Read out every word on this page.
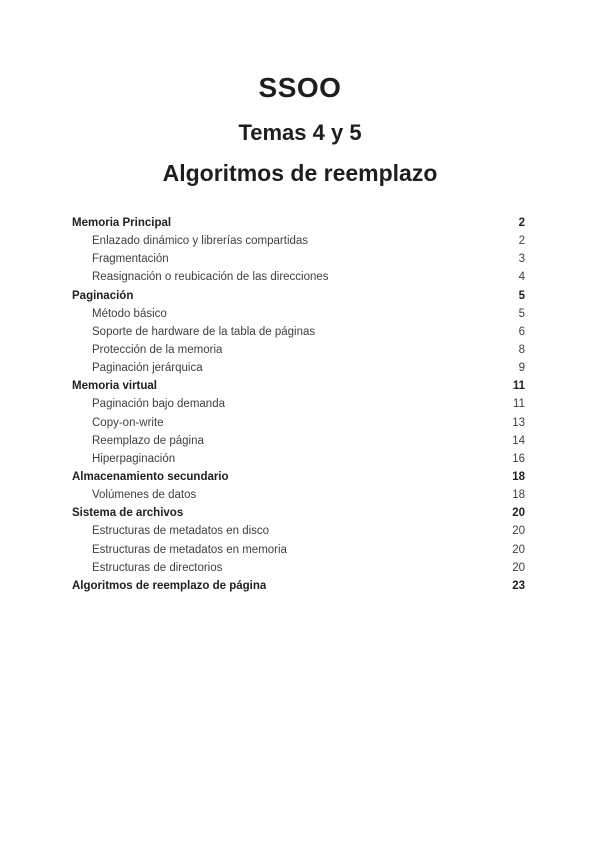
SSOO
Temas 4 y 5
Algoritmos de reemplazo
Memoria Principal	2
Enlazado dinámico y librerías compartidas	2
Fragmentación	3
Reasignación o reubicación de las direcciones	4
Paginación	5
Método básico	5
Soporte de hardware de la tabla de páginas	6
Protección de la memoria	8
Paginación jerárquica	9
Memoria virtual	11
Paginación bajo demanda	11
Copy-on-write	13
Reemplazo de página	14
Hiperpaginación	16
Almacenamiento secundario	18
Volúmenes de datos	18
Sistema de archivos	20
Estructuras de metadatos en disco	20
Estructuras de metadatos en memoria	20
Estructuras de directorios	20
Algoritmos de reemplazo de página	23
